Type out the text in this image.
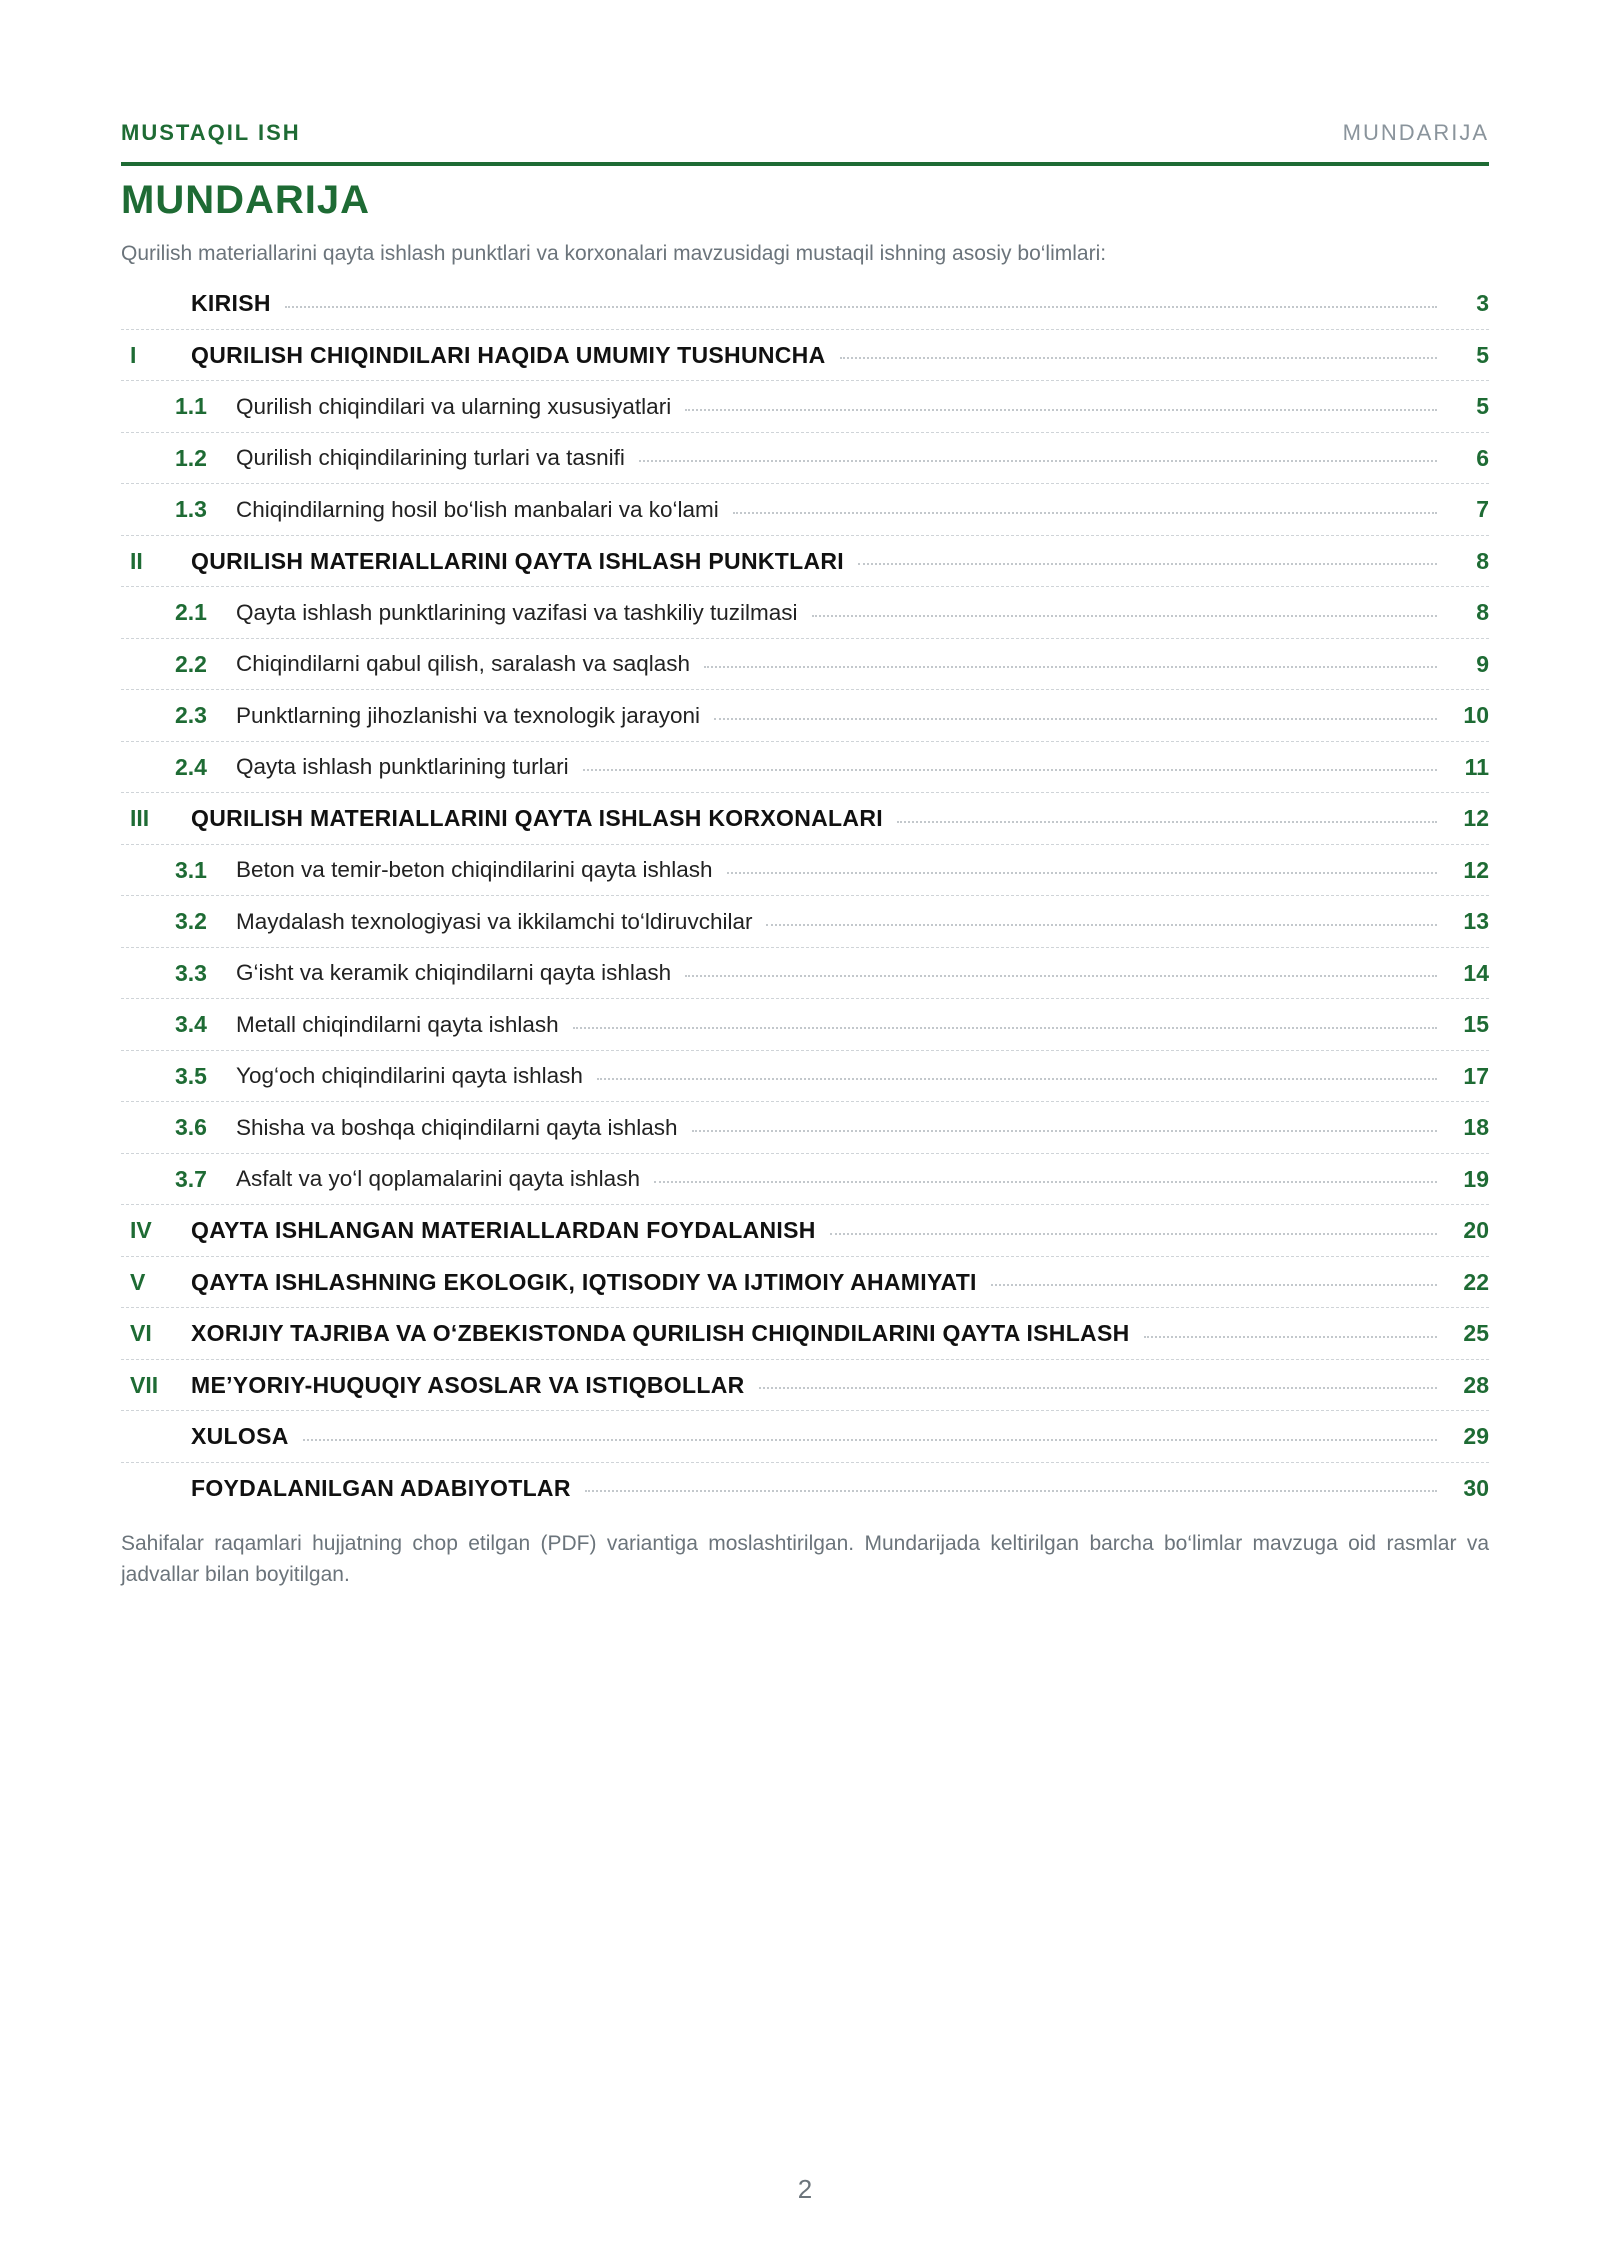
MUSTAQIL ISH	MUNDARIJA
MUNDARIJA
Qurilish materiallarini qayta ishlash punktlari va korxonalari mavzusidagi mustaqil ishning asosiy bo‘limlari:
KIRISH	3
I QURILISH CHIQINDILARI HAQIDA UMUMIY TUSHUNCHA	5
1.1 Qurilish chiqindilari va ularning xususiyatlari	5
1.2 Qurilish chiqindilarining turlari va tasnifi	6
1.3 Chiqindilarning hosil bo‘lish manbalari va ko‘lami	7
II QURILISH MATERIALLARINI QAYTA ISHLASH PUNKTLARI	8
2.1 Qayta ishlash punktlarining vazifasi va tashkiliy tuzilmasi	8
2.2 Chiqindilarni qabul qilish, saralash va saqlash	9
2.3 Punktlarning jihozlanishi va texnologik jarayoni	10
2.4 Qayta ishlash punktlarining turlari	11
III QURILISH MATERIALLARINI QAYTA ISHLASH KORXONALARI	12
3.1 Beton va temir-beton chiqindilarini qayta ishlash	12
3.2 Maydalash texnologiyasi va ikkilamchi to‘ldiruvchilar	13
3.3 G‘isht va keramik chiqindilarni qayta ishlash	14
3.4 Metall chiqindilarni qayta ishlash	15
3.5 Yog‘och chiqindilarini qayta ishlash	17
3.6 Shisha va boshqa chiqindilarni qayta ishlash	18
3.7 Asfalt va yo‘l qoplamalarini qayta ishlash	19
IV QAYTA ISHLANGAN MATERIALLARDAN FOYDALANISH	20
V QAYTA ISHLASHNING EKOLOGIK, IQTISODIY VA IJTIMOIY AHAMIYATI	22
VI XORIJIY TAJRIBA VA O‘ZBEKISTONDA QURILISH CHIQINDILARINI QAYTA ISHLASH	25
VII ME’YORIY-HUQUQIY ASOSLAR VA ISTIQBOLLAR	28
XULOSA	29
FOYDALANILGAN ADABIYOTLAR	30
Sahifalar raqamlari hujjatning chop etilgan (PDF) variantiga moslashtirilgan. Mundarijada keltirilgan barcha bo‘limlar mavzuga oid rasmlar va jadvallar bilan boyitilgan.
2
